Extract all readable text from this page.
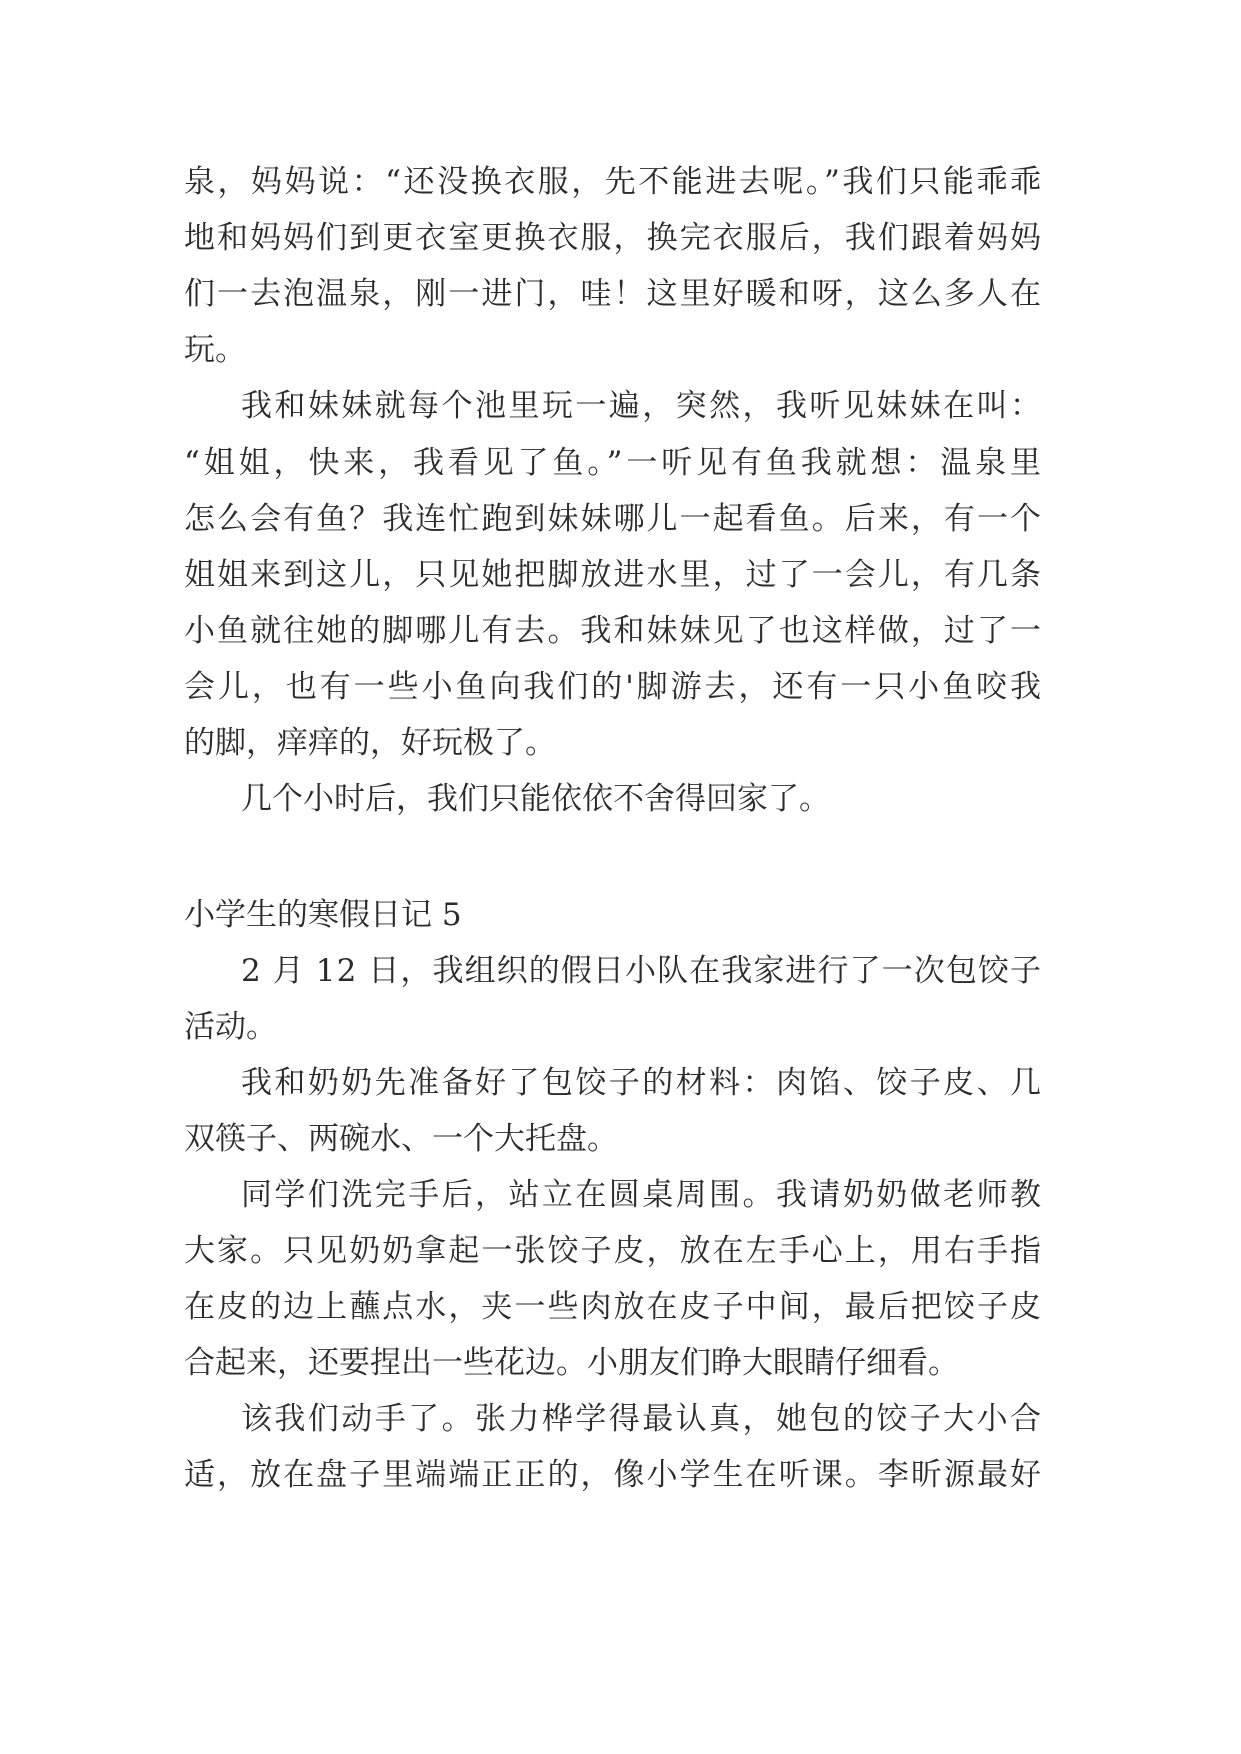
泉，妈妈说：“还没换衣服，先不能进去呢。”我们只能乖乖
地和妈妈们到更衣室更换衣服，换完衣服后，我们跟着妈妈
们一去泡温泉，刚一进门，哇！这里好暖和呀，这么多人在
玩。
我和妹妹就每个池里玩一遍，突然，我听见妹妹在叫：
“姐姐，快来，我看见了鱼。”一听见有鱼我就想：温泉里
怎么会有鱼？我连忙跑到妹妹哪儿一起看鱼。后来，有一个
姐姐来到这儿，只见她把脚放进水里，过了一会儿，有几条
小鱼就往她的脚哪儿有去。我和妹妹见了也这样做，过了一
会儿，也有一些小鱼向我们的'脚游去，还有一只小鱼咬我
的脚，痒痒的，好玩极了。
几个小时后，我们只能依依不舍得回家了。
小学生的寒假日记 5
2 月 12 日，我组织的假日小队在我家进行了一次包饺子
活动。
我和奶奶先准备好了包饺子的材料：肉馅、饺子皮、几
双筷子、两碗水、一个大托盘。
同学们洗完手后，站立在圆桌周围。我请奶奶做老师教
大家。只见奶奶拿起一张饺子皮，放在左手心上，用右手指
在皮的边上蘸点水，夹一些肉放在皮子中间，最后把饺子皮
合起来，还要捏出一些花边。小朋友们睁大眼睛仔细看。
该我们动手了。张力桦学得最认真，她包的饺子大小合
适，放在盘子里端端正正的，像小学生在听课。李昕源最好
